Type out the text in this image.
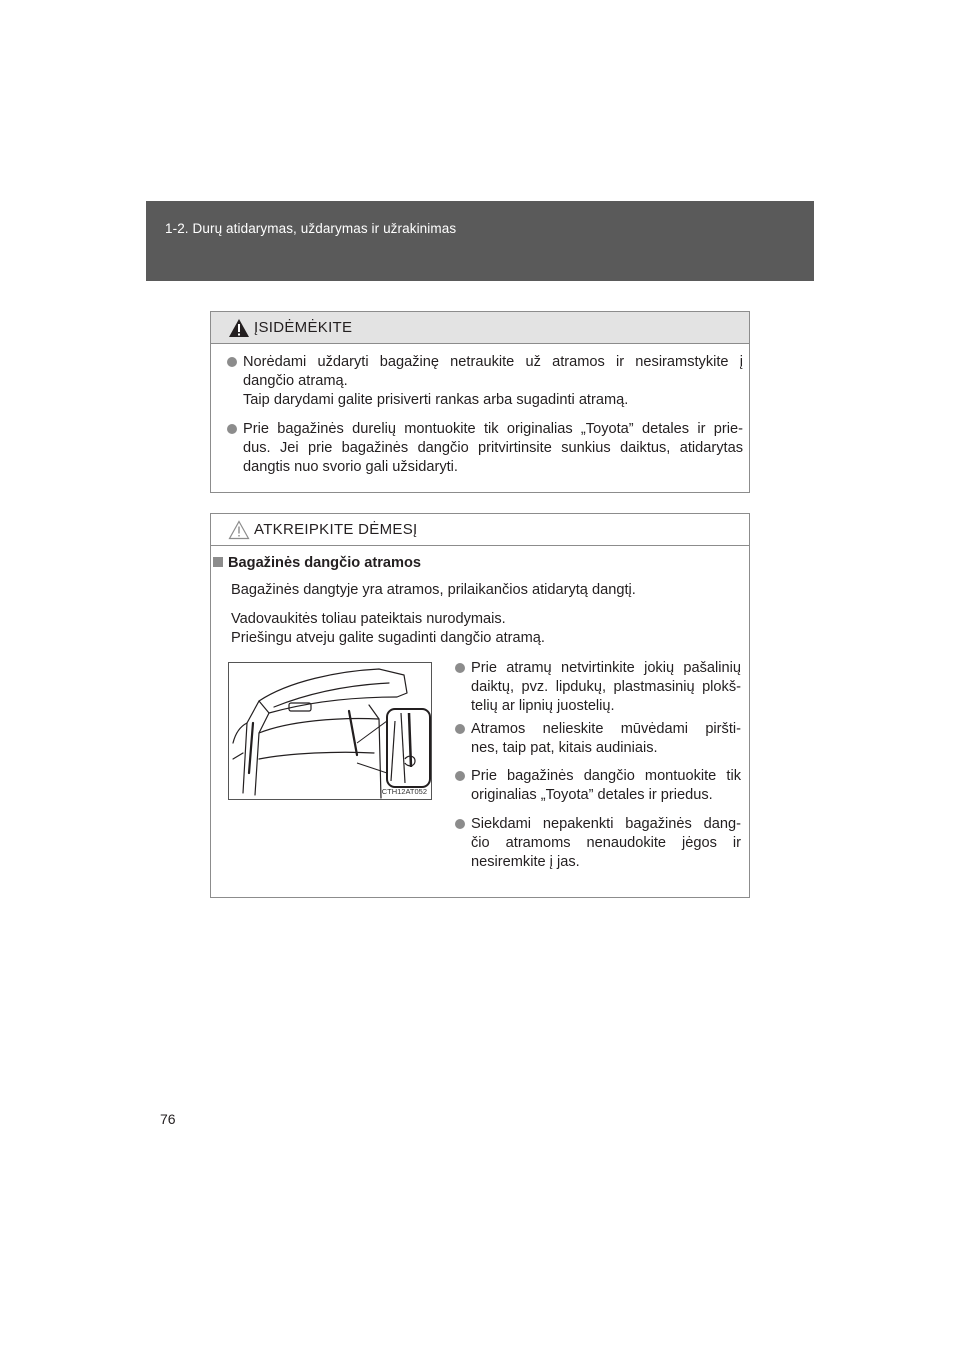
1-2. Durų atidarymas, uždarymas ir užrakinimas
ĮSIDĖMĖKITE

Norėdami uždaryti bagažinę netraukite už atramos ir nesiramstykite į

dangčio atramą.

Taip darydami galite prisiverti rankas arba sugadinti atramą.

Prie bagažinės durelių montuokite tik originalias „Toyota” detales ir prie-

dus. Jei prie bagažinės dangčio pritvirtinsite sunkius daiktus, atidarytas

dangtis nuo svorio gali užsidaryti.

ATKREIPKITE DĖMESĮ
Bagažinės dangčio atramos

Bagažinės dangtyje yra atramos, prilaikančios atidarytą dangtį.

Vadovaukitės toliau pateiktais nurodymais.

Priešingu atveju galite sugadinti dangčio atramą.

CTH12AT052

Prie atramų netvirtinkite jokių pašalinių

daiktų, pvz. lipdukų, plastmasinių plokš-

telių ar lipnių juostelių.

Atramos nelieskite mūvėdami piršti-

nes, taip pat, kitais audiniais.

Prie bagažinės dangčio montuokite tik

originalias „Toyota” detales ir priedus.

Siekdami nepakenkti bagažinės dang-

čio atramoms nenaudokite jėgos ir

nesiremkite į jas.

76
